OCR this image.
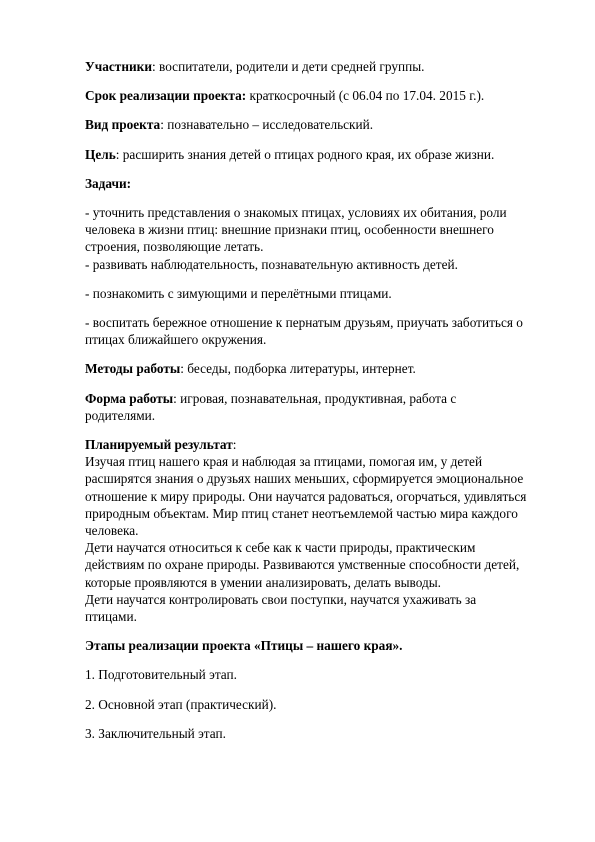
Участники: воспитатели, родители и дети средней группы.

Срок реализации проекта: краткосрочный (с 06.04 по 17.04. 2015 г.).

Вид проекта: познавательно – исследовательский.

Цель: расширить знания детей о птицах родного края, их образе жизни.

Задачи:

- уточнить представления о знакомых птицах, условиях их обитания, роли
человека в жизни птиц: внешние признаки птиц, особенности внешнего
строения, позволяющие летать.

- развивать наблюдательность, познавательную активность детей.

- познакомить с зимующими и перелётными птицами.

- воспитать бережное отношение к пернатым друзьям, приучать заботиться о
птицах ближайшего окружения.

Методы работы: беседы, подборка литературы, интернет.

Форма работы: игровая, познавательная, продуктивная, работа с
родителями.

Планируемый результат:
Изучая птиц нашего края и наблюдая за птицами, помогая им, у детей
расширятся знания о друзьях наших меньших, сформируется эмоциональное
отношение к миру природы. Они научатся радоваться, огорчаться, удивляться
природным объектам. Мир птиц станет неотъемлемой частью мира каждого
человека.
Дети научатся относиться к себе как к части природы, практическим
действиям по охране природы. Развиваются умственные способности детей,
которые проявляются в умении анализировать, делать выводы.
Дети научатся контролировать свои поступки, научатся ухаживать за
птицами.

Этапы реализации проекта «Птицы – нашего края».

1. Подготовительный этап.

2. Основной этап (практический).

3. Заключительный этап.
